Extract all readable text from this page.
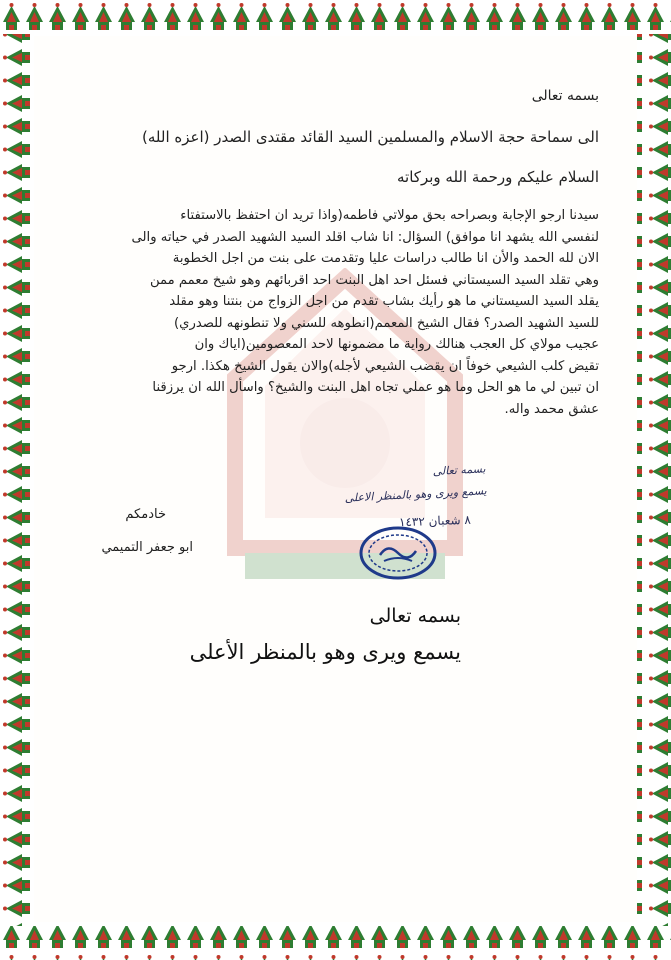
بسمه تعالى
الى سماحة حجة الاسلام والمسلمين السيد القائد مقتدى الصدر (اعزه الله)
السلام عليكم ورحمة الله وبركاته

سيدنا ارجو الإجابة وبصراحه بحق مولاتي فاطمه(واذا تريد ان احتفظ بالاستفتاء

لنفسي الله يشهد انا موافق) السؤال: انا شاب اقلد السيد الشهيد الصدر في حياته والى

الان لله الحمد والأن انا طالب دراسات عليا وتقدمت على بنت من اجل الخطوبة

وهي تقلد السيد السيستاني فسئل احد اهل البنت احد اقربائهم وهو شيخ معمم ممن

يقلد السيد السيستاني ما هو رأيك بشاب تقدم من اجل الزواج من بنتنا وهو مقلد

للسيد الشهيد الصدر؟ فقال الشيخ المعمم(انطوهه للسني ولا تنطونهه للصدري)

عجيب مولاي كل العجب هنالك رواية ما مضمونها لاحد المعصومين(اياك وان

تقيض كلب الشيعي خوفاً ان يقضب الشيعي لأجله)والان يقول الشيخ هكذا. ارجو

ان تبين لي ما هو الحل وما هو عملي تجاه اهل البنت والشيخ؟ واسأل الله ان يرزقنا

عشق محمد واله.

بسمه تعالى
يسمع ويرى وهو بالمنظر الاعلى
٨ شعبان ١٤٣٢
خادمكم
ابو جعفر التميمي
بسمه تعالى
يسمع ويرى وهو بالمنظر الأعلى
